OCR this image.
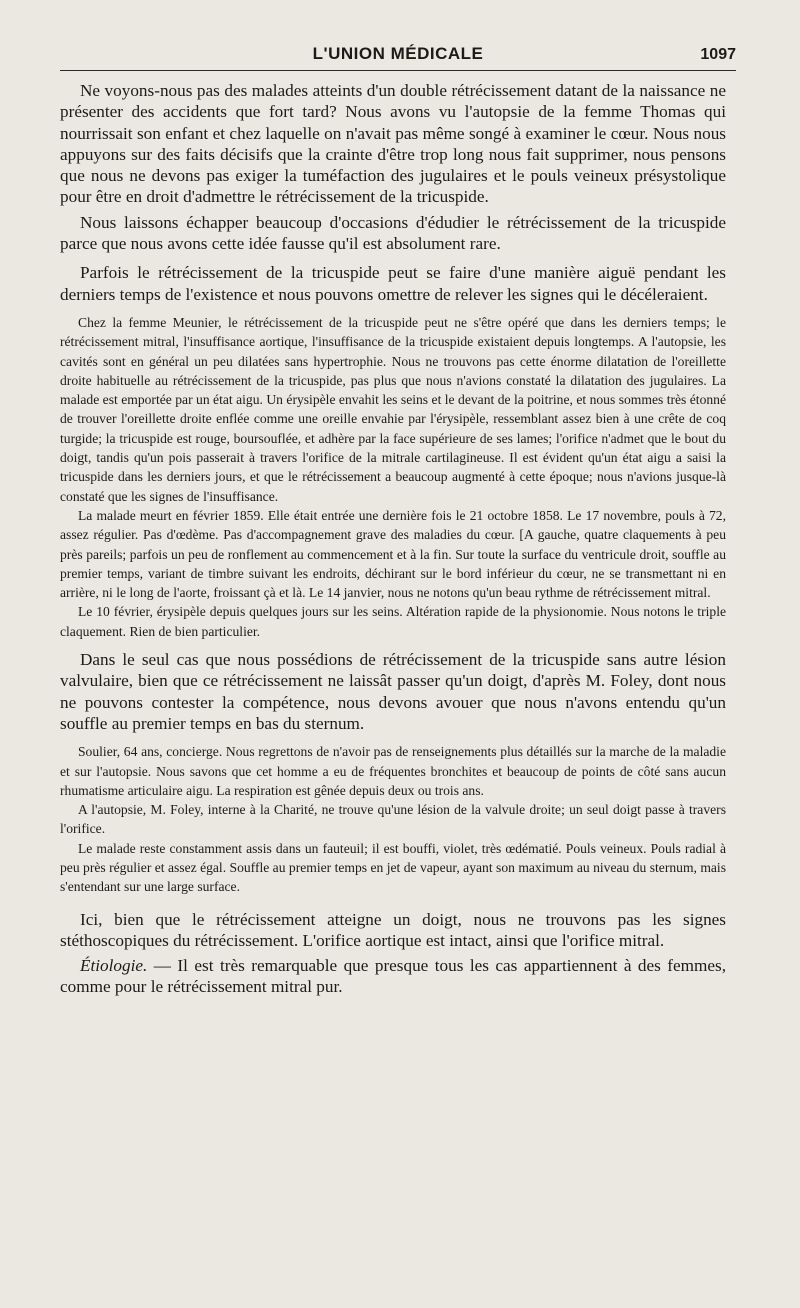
L'UNION MÉDICALE	1097

Ne voyons-nous pas des malades atteints d'un double rétrécissement datant de la naissance ne présenter des accidents que fort tard? Nous avons vu l'autopsie de la femme Thomas qui nourrissait son enfant et chez laquelle on n'avait pas même songé à examiner le cœur. Nous nous appuyons sur des faits décisifs que la crainte d'être trop long nous fait supprimer, nous pensons que nous ne devons pas exiger la tuméfaction des jugulaires et le pouls veineux présystolique pour être en droit d'admettre le rétrécissement de la tricuspide.

Nous laissons échapper beaucoup d'occasions d'édudier le rétrécissement de la tricuspide parce que nous avons cette idée fausse qu'il est absolument rare.

Parfois le rétrécissement de la tricuspide peut se faire d'une manière aiguë pendant les derniers temps de l'existence et nous pouvons omettre de relever les signes qui le décéleraient.

Chez la femme Meunier, le rétrécissement de la tricuspide peut ne s'être opéré que dans les derniers temps; le rétrécissement mitral, l'insuffisance aortique, l'insuffisance de la tricuspide existaient depuis longtemps. A l'autopsie, les cavités sont en général un peu dilatées sans hypertrophie. Nous ne trouvons pas cette énorme dilatation de l'oreillette droite habituelle au rétrécissement de la tricuspide, pas plus que nous n'avions constaté la dilatation des jugulaires. La malade est emportée par un état aigu. Un érysipèle envahit les seins et le devant de la poitrine, et nous sommes très étonné de trouver l'oreillette droite enflée comme une oreille envahie par l'érysipèle, ressemblant assez bien à une crête de coq turgide; la tricuspide est rouge, boursouflée, et adhère par la face supérieure de ses lames; l'orifice n'admet que le bout du doigt, tandis qu'un pois passerait à travers l'orifice de la mitrale cartilagineuse. Il est évident qu'un état aigu a saisi la tricuspide dans les derniers jours, et que le rétrécissement a beaucoup augmenté à cette époque; nous n'avions jusque-là constaté que les signes de l'insuffisance.

La malade meurt en février 1859. Elle était entrée une dernière fois le 21 octobre 1858. Le 17 novembre, pouls à 72, assez régulier. Pas d'œdème. Pas d'accompagnement grave des maladies du cœur. [A gauche, quatre claquements à peu près pareils; parfois un peu de ronflement au commencement et à la fin. Sur toute la surface du ventricule droit, souffle au premier temps, variant de timbre suivant les endroits, déchirant sur le bord inférieur du cœur, ne se transmettant ni en arrière, ni le long de l'aorte, froissant çà et là. Le 14 janvier, nous ne notons qu'un beau rythme de rétrécissement mitral.

Le 10 février, érysipèle depuis quelques jours sur les seins. Altération rapide de la physionomie. Nous notons le triple claquement. Rien de bien particulier.

Dans le seul cas que nous possédions de rétrécissement de la tricuspide sans autre lésion valvulaire, bien que ce rétrécissement ne laissât passer qu'un doigt, d'après M. Foley, dont nous ne pouvons contester la compétence, nous devons avouer que nous n'avons entendu qu'un souffle au premier temps en bas du sternum.

Soulier, 64 ans, concierge. Nous regrettons de n'avoir pas de renseignements plus détaillés sur la marche de la maladie et sur l'autopsie. Nous savons que cet homme a eu de fréquentes bronchites et beaucoup de points de côté sans aucun rhumatisme articulaire aigu. La respiration est gênée depuis deux ou trois ans.

A l'autopsie, M. Foley, interne à la Charité, ne trouve qu'une lésion de la valvule droite; un seul doigt passe à travers l'orifice.

Le malade reste constamment assis dans un fauteuil; il est bouffi, violet, très œdématié. Pouls veineux. Pouls radial à peu près régulier et assez égal. Souffle au premier temps en jet de vapeur, ayant son maximum au niveau du sternum, mais s'entendant sur une large surface.

Ici, bien que le rétrécissement atteigne un doigt, nous ne trouvons pas les signes stéthoscopiques du rétrécissement. L'orifice aortique est intact, ainsi que l'orifice mitral.

Étiologie. — Il est très remarquable que presque tous les cas appartiennent à des femmes, comme pour le rétrécissement mitral pur.
